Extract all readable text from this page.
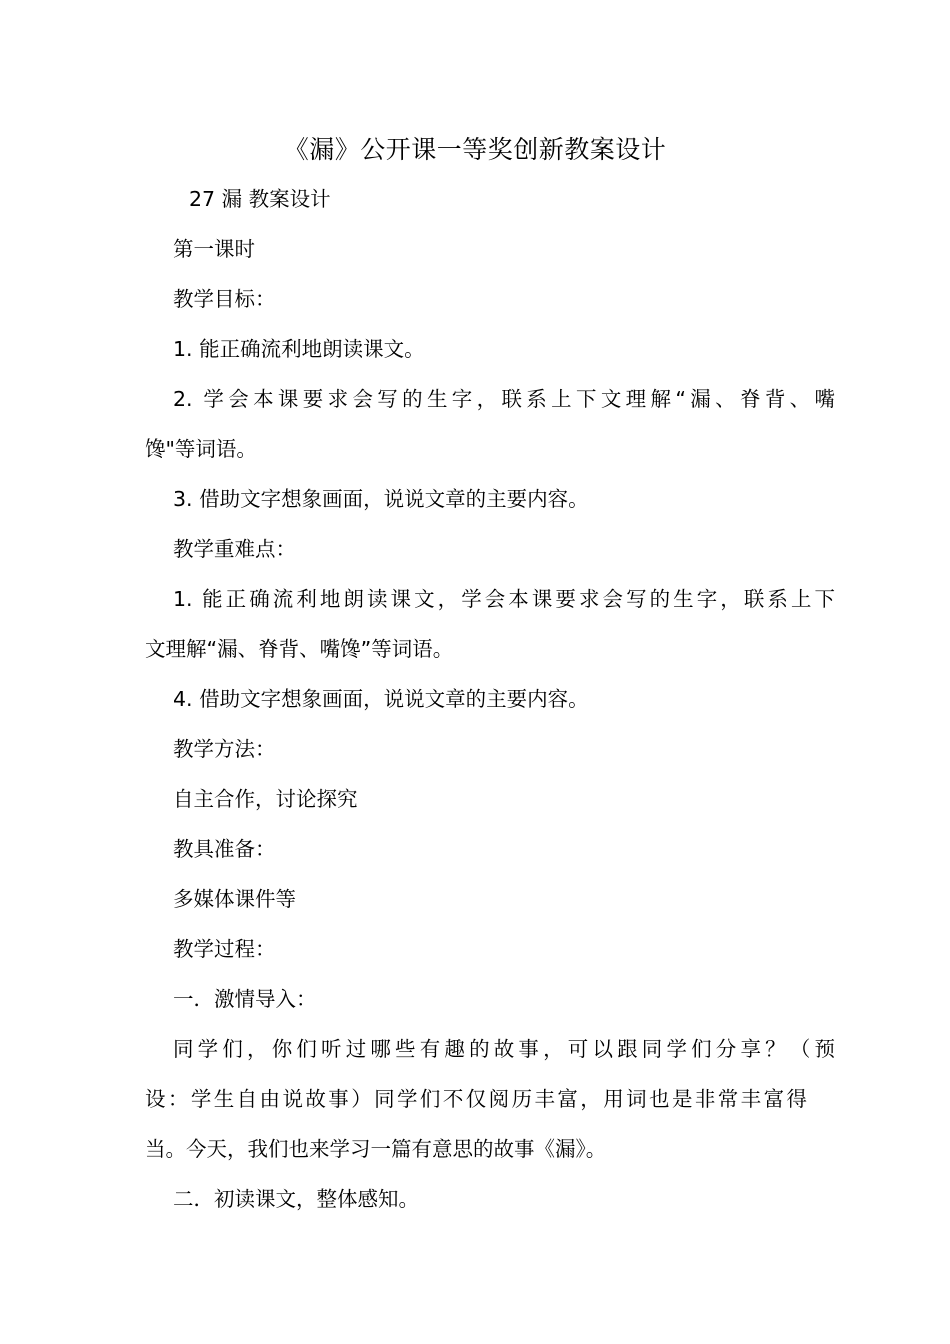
《漏》公开课一等奖创新教案设计
27 漏 教案设计
第一课时
教学目标：
1. 能正确流利地朗读课文。
2. 学会本课要求会写的生字，联系上下文理解“漏、脊背、嘴
馋"等词语。
3. 借助文字想象画面，说说文章的主要内容。
教学重难点：
1. 能正确流利地朗读课文，学会本课要求会写的生字，联系上下
文理解“漏、脊背、嘴馋”等词语。
4. 借助文字想象画面，说说文章的主要内容。
教学方法：
自主合作，讨论探究
教具准备：
多媒体课件等
教学过程：
一．激情导入：
同学们，你们听过哪些有趣的故事，可以跟同学们分享？（预
设：学生自由说故事）同学们不仅阅历丰富，用词也是非常丰富得
当。今天，我们也来学习一篇有意思的故事《漏》。
二．初读课文，整体感知。
